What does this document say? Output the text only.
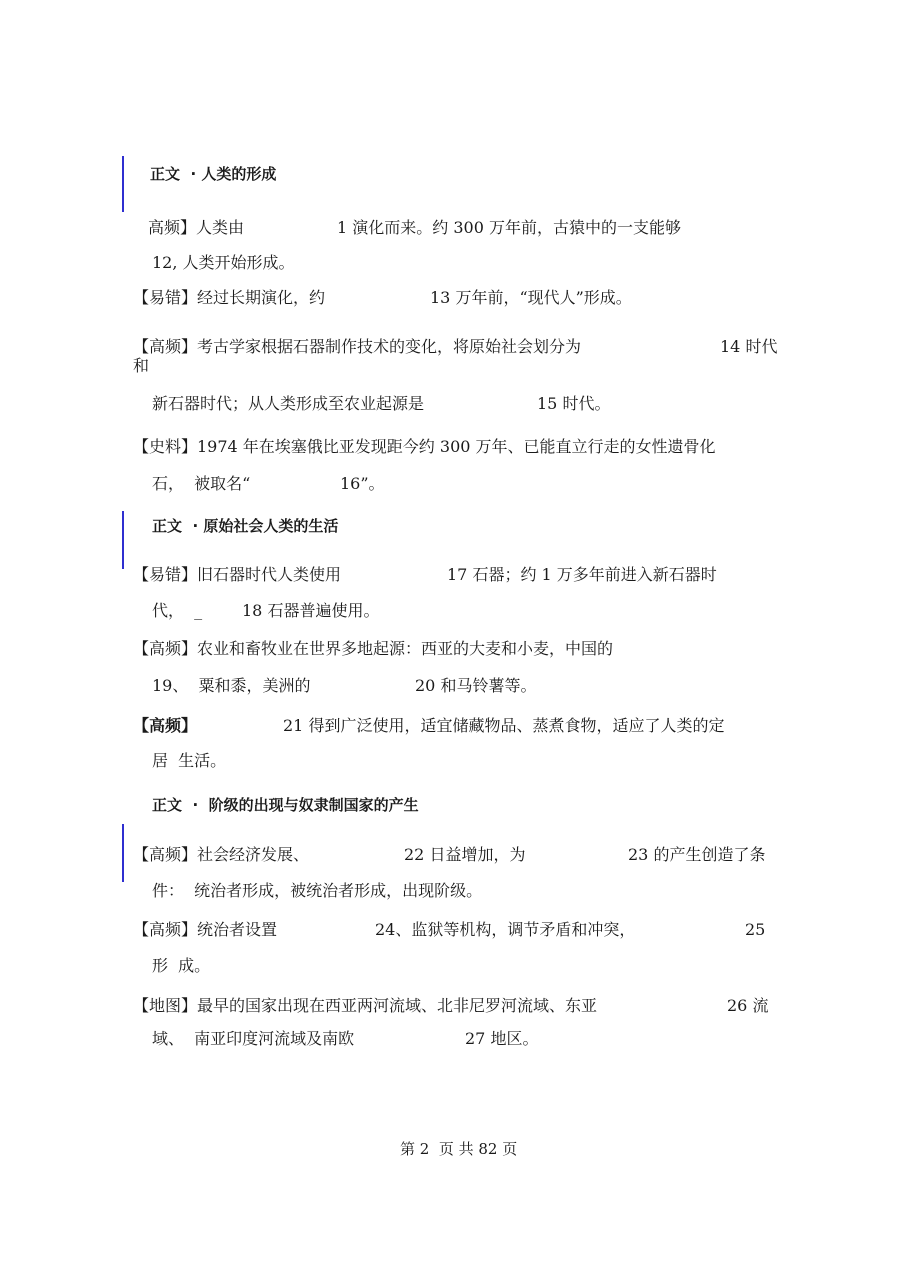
正文  · 人类的形成
高频】人类由	1 演化而来。约 300 万年前，古猿中的一支能够
12, 人类开始形成。
【易错】经过长期演化，约	13 万年前，“现代人”形成。
【高频】考古学家根据石器制作技术的变化，将原始社会划分为	14 时代
和
新石器时代；从人类形成至农业起源是	15 时代。
【史料】1974 年在埃塞俄比亚发现距今约 300 万年、已能直立行走的女性遗骨化
石，  被取名“	16”。
正文  · 原始社会人类的生活
【易错】旧石器时代人类使用	17 石器；约 1 万多年前进入新石器时
代，  _ 18 石器普遍使用。
【高频】农业和畜牧业在世界多地起源：西亚的大麦和小麦，中国的
19、  粟和黍，美洲的	20 和马铃薯等。
【高频】	21 得到广泛使用，适宜储藏物品、蒸煮食物，适应了人类的定
居  生活。
正文  ·  阶级的出现与奴隶制国家的产生
【高频】社会经济发展、	22 日益增加，为	23 的产生创造了条
件：  统治者形成，被统治者形成，出现阶级。
【高频】统治者设置	24、监狱等机构，调节矛盾和冲突，	25
形  成。
【地图】最早的国家出现在西亚两河流域、北非尼罗河流域、东亚	26 流
域、  南亚印度河流域及南欧	27 地区。
第 2  页 共 82 页
